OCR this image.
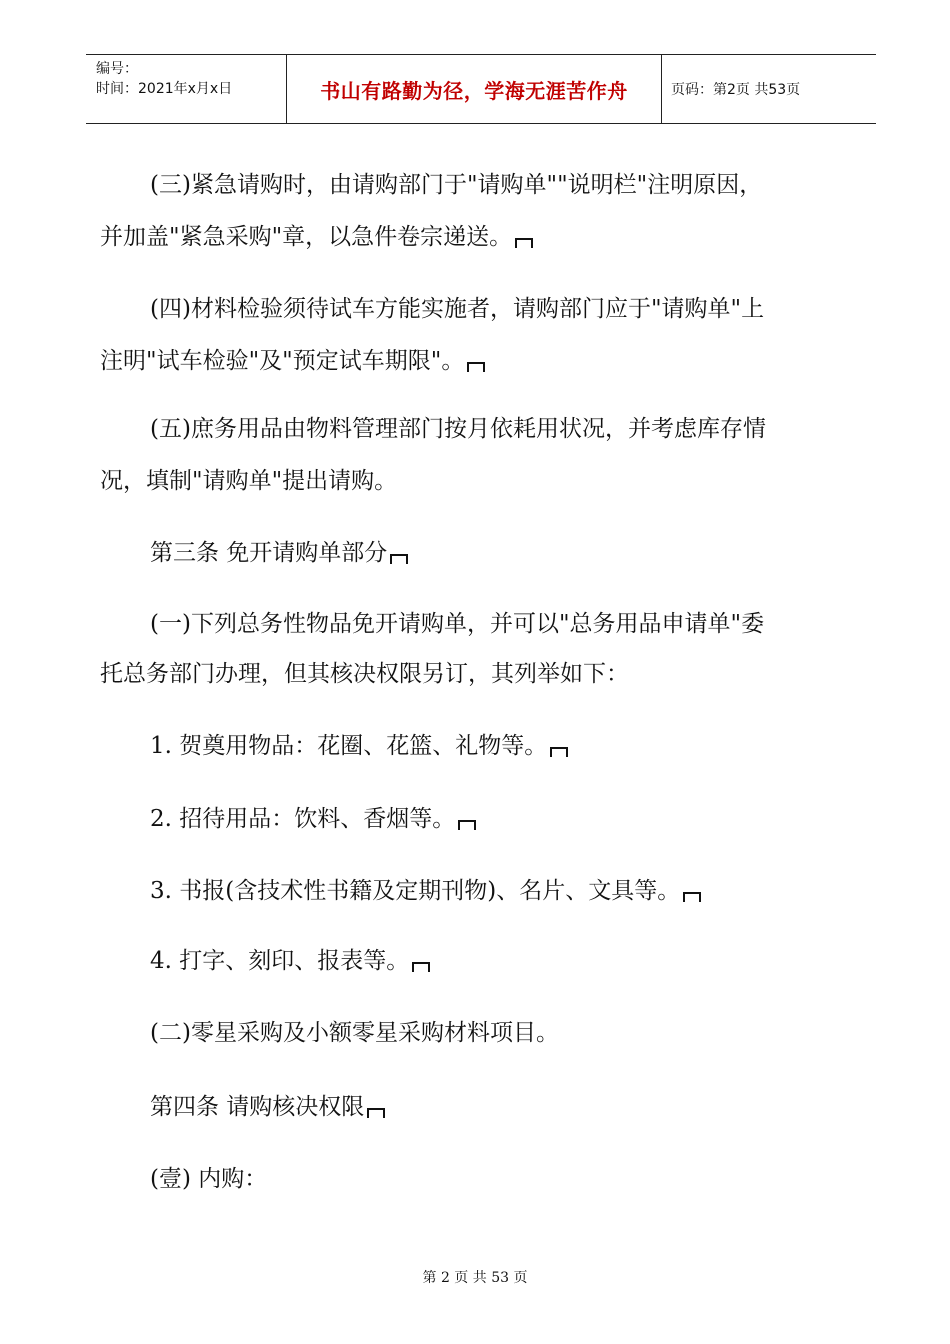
编号：
时间：2021年x月x日	书山有路勤为径，学海无涯苦作舟	页码：第2页 共53页
(三)紧急请购时，由请购部门于"请购单""说明栏"注明原因，
并加盖"紧急采购"章，以急件卷宗递送。
(四)材料检验须待试车方能实施者，请购部门应于"请购单"上
注明"试车检验"及"预定试车期限"。
(五)庶务用品由物料管理部门按月依耗用状况，并考虑库存情
况，填制"请购单"提出请购。
第三条 免开请购单部分
(一)下列总务性物品免开请购单，并可以"总务用品申请单"委
托总务部门办理，但其核决权限另订，其列举如下：
1. 贺奠用物品：花圈、花篮、礼物等。
2. 招待用品：饮料、香烟等。
3. 书报(含技术性书籍及定期刊物)、名片、文具等。
4. 打字、刻印、报表等。
(二)零星采购及小额零星采购材料项目。
第四条 请购核决权限
(壹) 内购：
第 2 页 共 53 页
